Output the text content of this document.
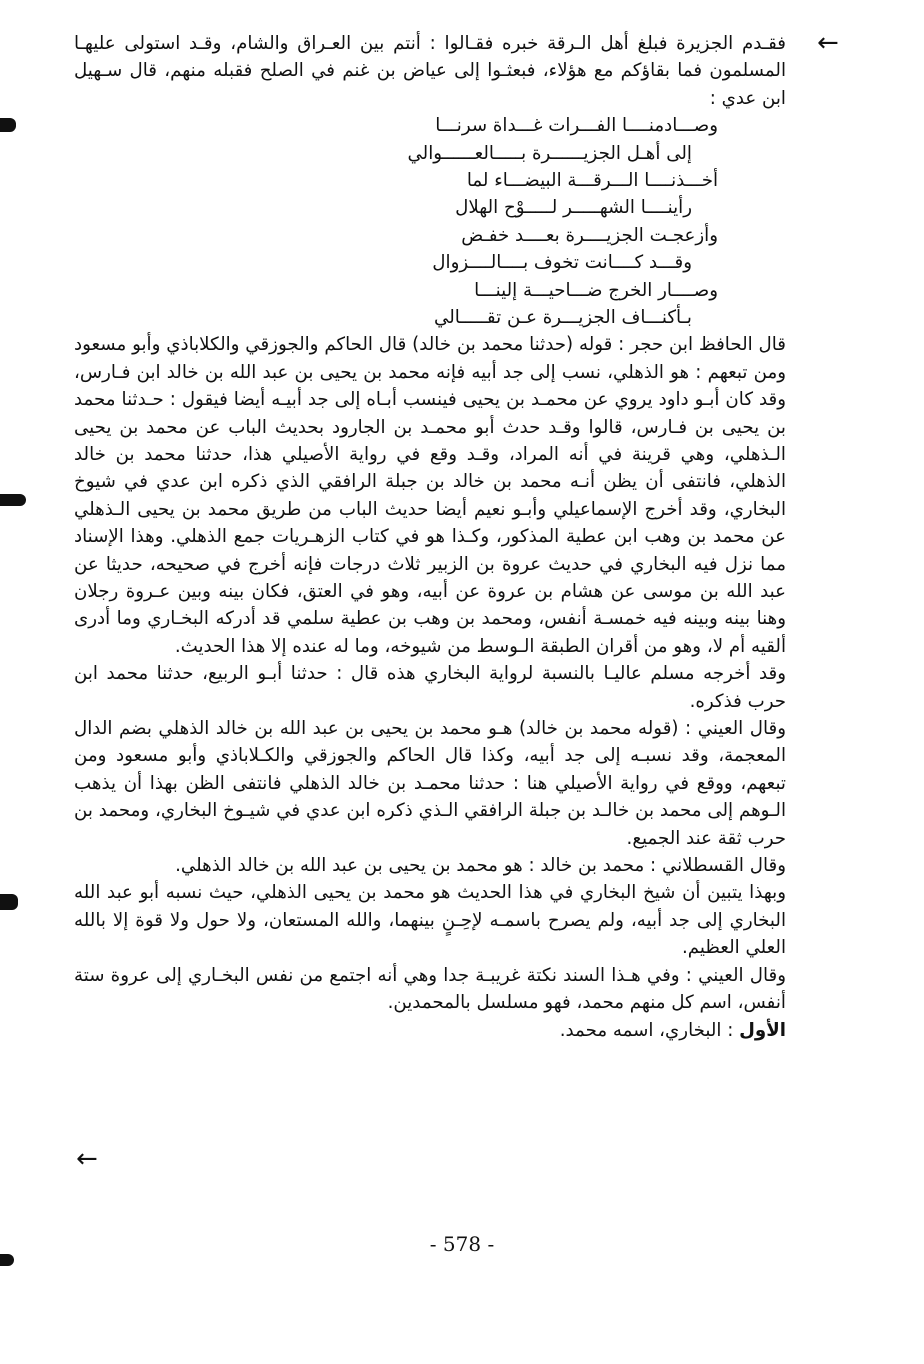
←

فقـدم الجزيرة فبلغ أهل الـرقة خبره فقـالوا : أنتم بين العـراق والشام، وقـد استولى عليهـا المسلمون فما بقاؤكم مع هؤلاء، فبعثـوا إلى عياض بن غنم في الصلح فقبله منهم، قال سـهيل ابن عدي :

وصـــادمنــــا الفـــرات غـــداة سرنـــا
إلى أهـل الجزيــــــرة بـــــالعــــــوالي
أخـــذنــــا الـــرقـــة البيضـــاء لما
رأينــــا الشهـــــر لـــــوْح الهلال
وأزعجـت الجزيــــرة بعــــد خفـض
وقـــد كــــانت تخوف بــــالــــزوال
وصــــار الخرج ضـــاحيـــة إلينـــا
بـأكنـــاف الجزيـــرة عـن تقـــــالي

قال الحافظ ابن حجر : قوله (حدثنا محمد بن خالد) قال الحاكم والجوزقي والكلاباذي وأبو مسعود ومن تبعهم : هو الذهلي، نسب إلى جد أبيه فإنه محمد بن يحيى بن عبد الله بن خالد ابن فـارس، وقد كان أبـو داود يروي عن محمـد بن يحيى فينسب أبـاه إلى جد أبيـه أيضا فيقول : حـدثنا محمد بن يحيى بن فـارس، قالوا وقـد حدث أبو محمـد بن الجارود بحديث الباب عن محمد بن يحيى الـذهلي، وهي قرينة في أنه المراد، وقـد وقع في رواية الأصيلي هذا، حدثنا محمد بن خالد الذهلي، فانتفى أن يظن أنـه محمد بن خالد بن جبلة الرافقي الذي ذكره ابن عدي في شيوخ البخاري، وقد أخرج الإسماعيلي وأبـو نعيم أيضا حديث الباب من طريق محمد بن يحيى الـذهلي عن محمد بن وهب ابن عطية المذكور، وكـذا هو في كتاب الزهـريات جمع الذهلي. وهذا الإسناد مما نزل فيه البخاري في حديث عروة بن الزبير ثلاث درجات فإنه أخرج في صحيحه، حديثا عن عبد الله بن موسى عن هشام بن عروة عن أبيه، وهو في العتق، فكان بينه وبين عـروة رجلان وهنا بينه وبينه فيه خمسـة أنفس، ومحمد بن وهب بن عطية سلمي قد أدركه البخـاري وما أدرى ألقيه أم لا، وهو من أقران الطبقة الـوسط من شيوخه، وما له عنده إلا هذا الحديث.

وقد أخرجه مسلم عاليـا بالنسبة لرواية البخاري هذه قال : حدثنا أبـو الربيع، حدثنا محمد ابن حرب فذكره.

وقال العيني : (قوله محمد بن خالد) هـو محمد بن يحيى بن عبد الله بن خالد الذهلي بضم الدال المعجمة، وقد نسبـه إلى جد أبيه، وكذا قال الحاكم والجوزقي والكـلاباذي وأبو مسعود ومن تبعهم، ووقع في رواية الأصيلي هنا : حدثنا محمـد بن خالد الذهلي فانتفى الظن بهذا أن يذهب الـوهم إلى محمد بن خالـد بن جبلة الرافقي الـذي ذكره ابن عدي في شيـوخ البخاري، ومحمد بن حرب ثقة عند الجميع.

وقال القسطلاني : محمد بن خالد : هو محمد بن يحيى بن عبد الله بن خالد الذهلي.

وبهذا يتبين أن شيخ البخاري في هذا الحديث هو محمد بن يحيى الذهلي، حيث نسبه أبو عبد الله البخاري إلى جد أبيه، ولم يصرح باسمـه لإحِـنٍ بينهما، والله المستعان، ولا حول ولا قوة إلا بالله العلي العظيم.

وقال العيني : وفي هـذا السند نكتة غريبـة جدا وهي أنه اجتمع من نفس البخـاري إلى عروة ستة أنفس، اسم كل منهم محمد، فهو مسلسل بالمحمدين.

الأول : البخاري، اسمه محمد.

←
- 578 -
